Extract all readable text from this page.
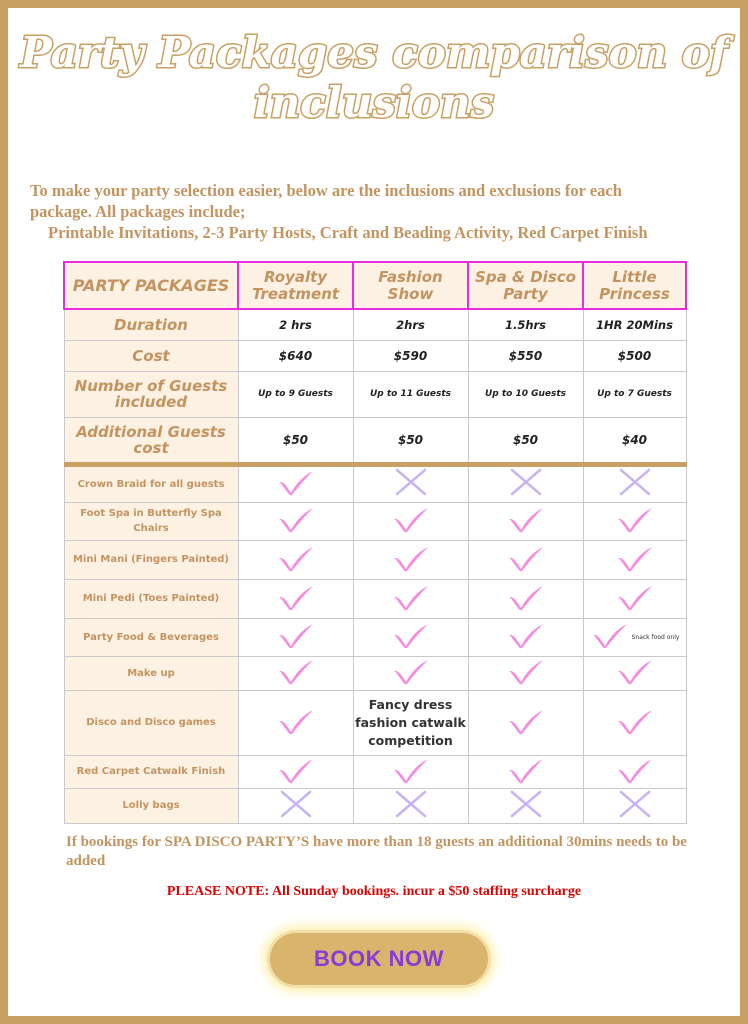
Party Packages comparison of inclusions
To make your party selection easier, below are the inclusions and exclusions for each
package. All packages include;
Printable Invitations, 2-3 Party Hosts, Craft and Beading Activity, Red Carpet Finish
PARTY PACKAGES	Royalty Treatment	Fashion Show	Spa & Disco Party	Little Princess
Duration	2 hrs	2hrs	1.5hrs	1HR 20Mins
Cost	$640	$590	$550	$500
Number of Guests included	Up to 9 Guests	Up to 11 Guests	Up to 10 Guests	Up to 7 Guests
Additional Guests cost	$50	$50	$50	$40
Crown Braid for all guests				
Foot Spa in Butterfly Spa Chairs				
Mini Mani (Fingers Painted)				
Mini Pedi (Toes Painted)				
Party Food & Beverages				Snack food only
Make up				
Disco and Disco games		Fancy dress fashion catwalk competition		
Red Carpet Catwalk Finish				
Lolly bags				
If bookings for SPA DISCO PARTY’S have more than 18 guests an additional 30mins needs to be added
PLEASE NOTE: All Sunday bookings. incur a $50 staffing surcharge
BOOK NOW
